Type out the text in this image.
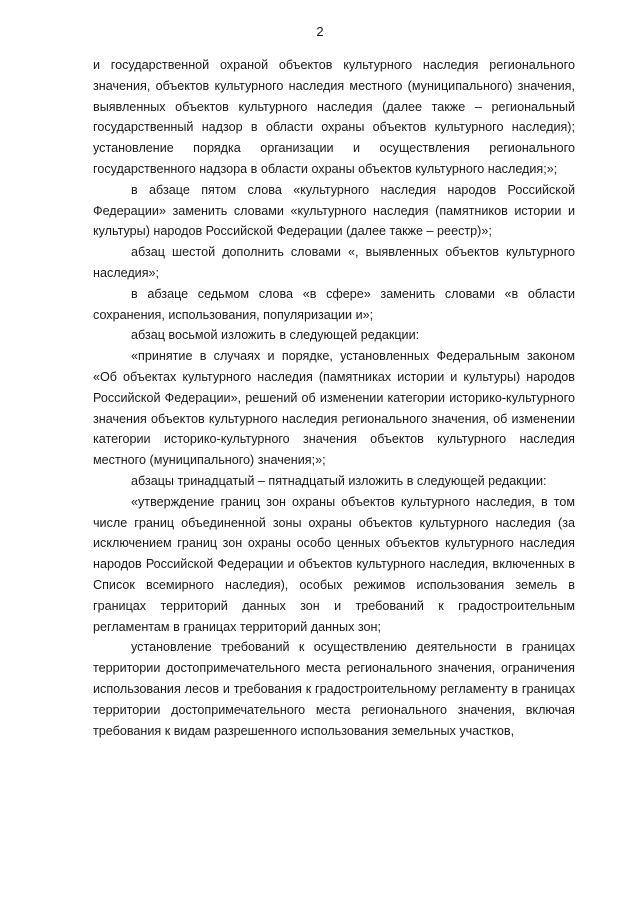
2

и государственной охраной объектов культурного наследия регионального значения, объектов культурного наследия местного (муниципального) значения, выявленных объектов культурного наследия (далее также – региональный государственный надзор в области охраны объектов культурного наследия); установление порядка организации и осуществления регионального государственного надзора в области охраны объектов культурного наследия;»;

в абзаце пятом слова «культурного наследия народов Российской Федерации» заменить словами «культурного наследия (памятников истории и культуры) народов Российской Федерации (далее также – реестр)»;

абзац шестой дополнить словами «, выявленных объектов культурного наследия»;

в абзаце седьмом слова «в сфере» заменить словами «в области сохранения, использования, популяризации и»;

абзац восьмой изложить в следующей редакции:

«принятие в случаях и порядке, установленных Федеральным законом «Об объектах культурного наследия (памятниках истории и культуры) народов Российской Федерации», решений об изменении категории историко-культурного значения объектов культурного наследия регионального значения, об изменении категории историко-культурного значения объектов культурного наследия местного (муниципального) значения;»;

абзацы тринадцатый – пятнадцатый изложить в следующей редакции:

«утверждение границ зон охраны объектов культурного наследия, в том числе границ объединенной зоны охраны объектов культурного наследия (за исключением границ зон охраны особо ценных объектов культурного наследия народов Российской Федерации и объектов культурного наследия, включенных в Список всемирного наследия), особых режимов использования земель в границах территорий данных зон и требований к градостроительным регламентам в границах территорий данных зон;

установление требований к осуществлению деятельности в границах территории достопримечательного места регионального значения, ограничения использования лесов и требования к градостроительному регламенту в границах территории достопримечательного места регионального значения, включая требования к видам разрешенного использования земельных участков,
